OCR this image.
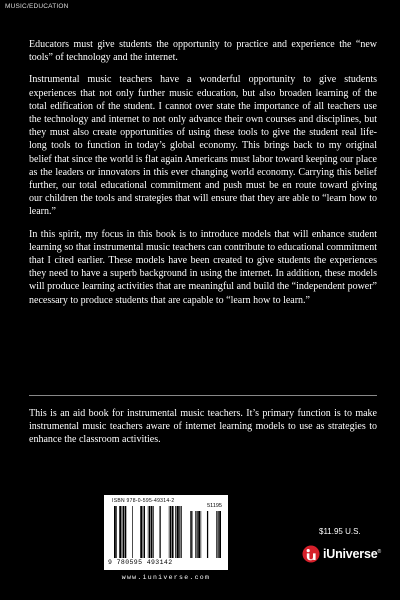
MUSIC/EDUCATION

Educators must give students the opportunity to practice and experience the “new tools” of technology and the internet.

Instrumental music teachers have a wonderful opportunity to give students experiences that not only further music education, but also broaden learning of the total edification of the student. I cannot over state the importance of all teachers use the technology and internet to not only advance their own courses and disciplines, but they must also create opportunities of using these tools to give the student real life-long tools to function in today’s global economy. This brings back to my original belief that since the world is flat again Americans must labor toward keeping our place as the leaders or innovators in this ever changing world economy. Carrying this belief further, our total educational commitment and push must be en route toward giving our children the tools and strategies that will ensure that they are able to “learn how to learn.”

In this spirit, my focus in this book is to introduce models that will enhance student learning so that instrumental music teachers can contribute to educational commitment that I cited earlier. These models have been created to give students the experiences they need to have a superb background in using the internet. In addition, these models will produce learning activities that are meaningful and build the “independent power” necessary to produce students that are capable to “learn how to learn.”

This is an aid book for instrumental music teachers. It’s primary function is to make instrumental music teachers aware of internet learning models to use as strategies to enhance the classroom activities.
ISBN 978-0-595-49314-2
51195
9 780595 493142
www.iuniverse.com
$11.95 U.S.
iUniverse®
